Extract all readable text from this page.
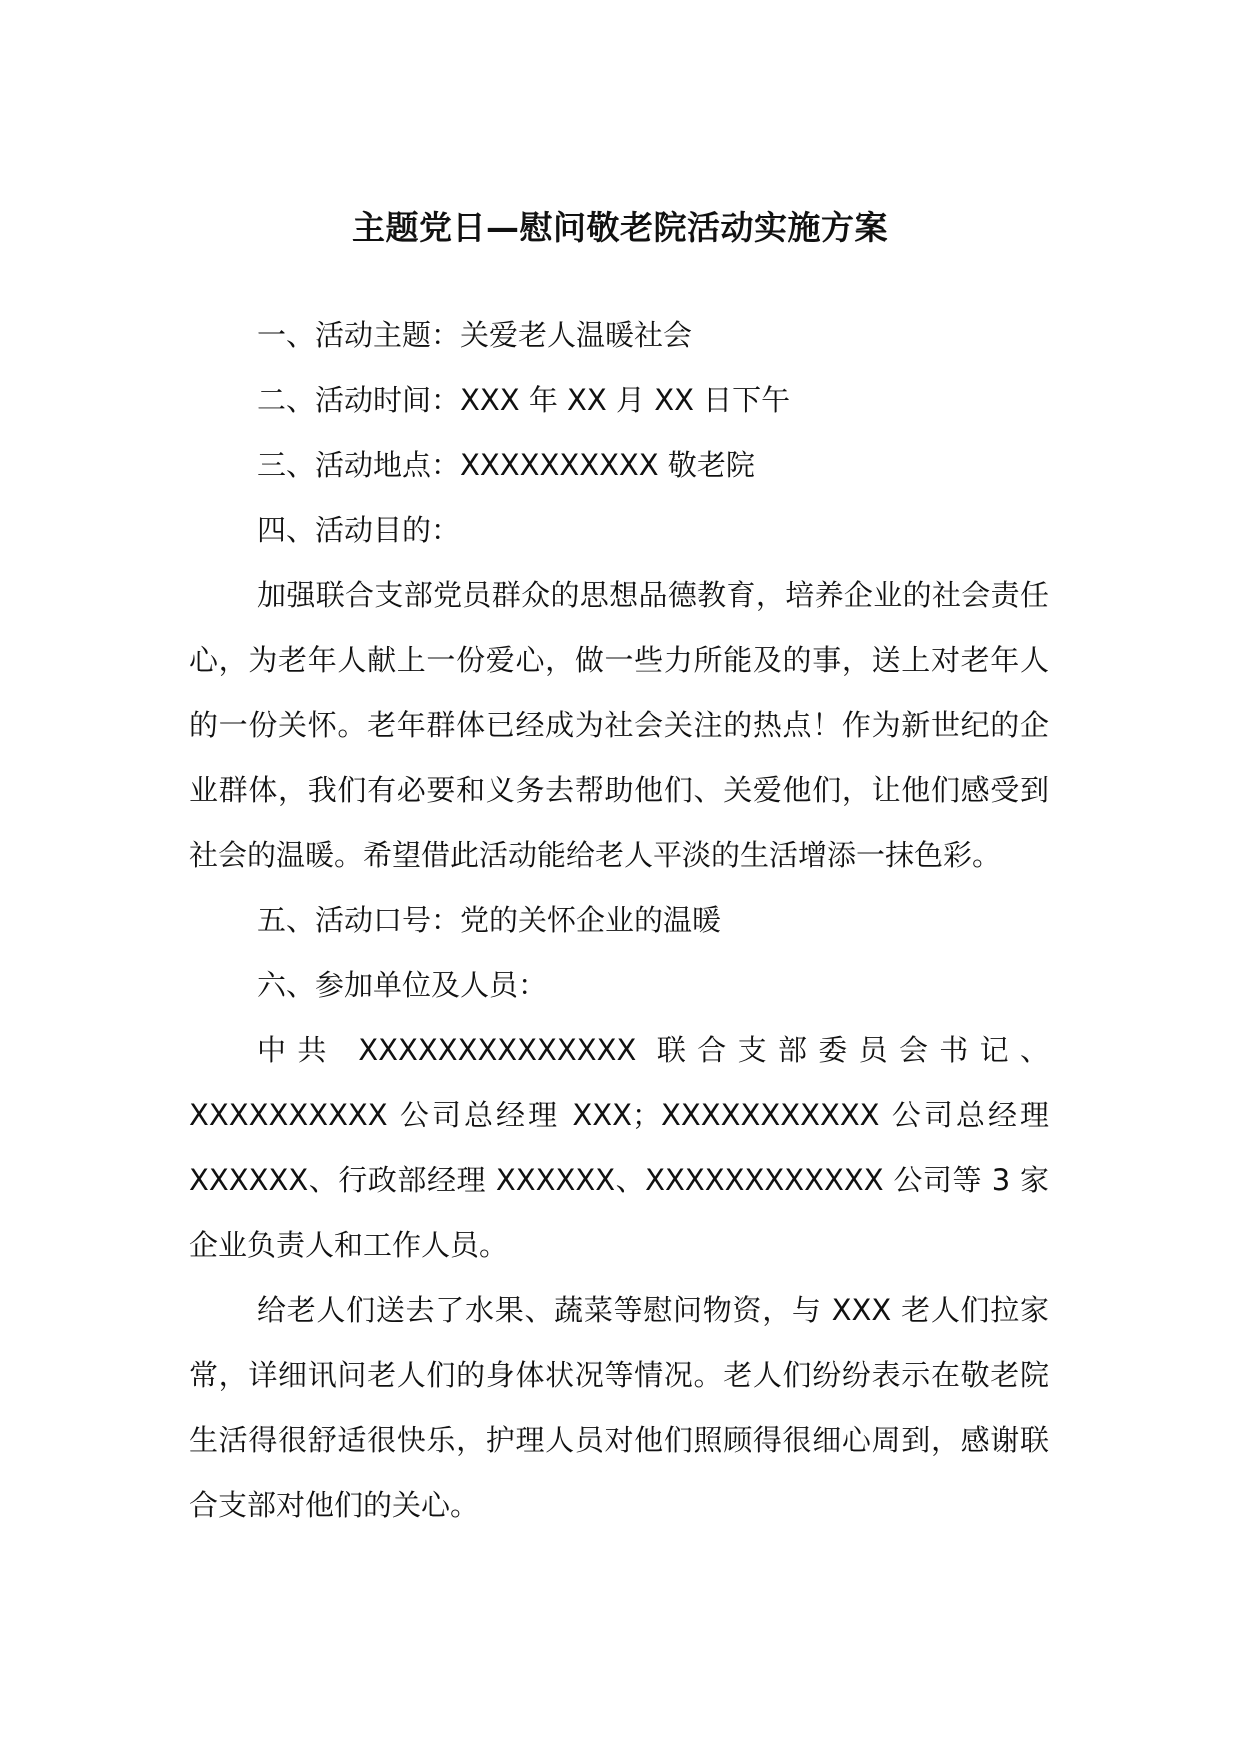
主题党日—慰问敬老院活动实施方案

一、活动主题：关爱老人温暖社会

二、活动时间：XXX 年 XX 月 XX 日下午

三、活动地点：XXXXXXXXXX 敬老院

四、活动目的：

加强联合支部党员群众的思想品德教育，培养企业的社会责任心，为老年人献上一份爱心，做一些力所能及的事，送上对老年人的一份关怀。老年群体已经成为社会关注的热点！作为新世纪的企业群体，我们有必要和义务去帮助他们、关爱他们，让他们感受到社会的温暖。希望借此活动能给老人平淡的生活增添一抹色彩。

五、活动口号：党的关怀企业的温暖

六、参加单位及人员：

中共 XXXXXXXXXXXXXX 联合支部委员会书记、XXXXXXXXXX 公司总经理 XXX；XXXXXXXXXXX 公司总经理 XXXXXX、行政部经理 XXXXXX、XXXXXXXXXXXX 公司等 3 家企业负责人和工作人员。

给老人们送去了水果、蔬菜等慰问物资，与 XXX 老人们拉家常，详细讯问老人们的身体状况等情况。老人们纷纷表示在敬老院生活得很舒适很快乐，护理人员对他们照顾得很细心周到，感谢联合支部对他们的关心。
